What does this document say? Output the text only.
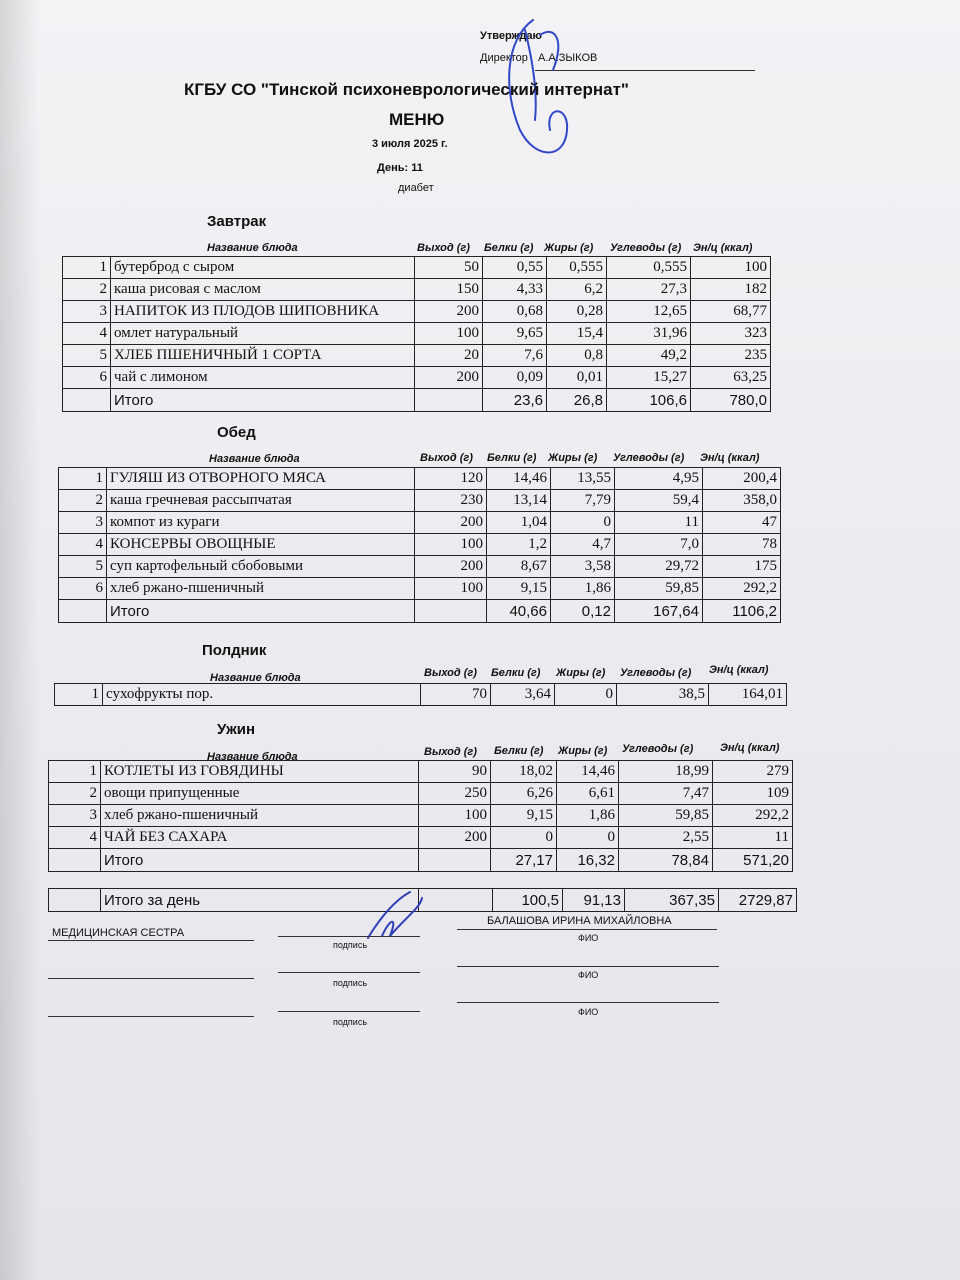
Утверждаю
Директор А.А.ЗЫКОВ
КГБУ СО "Тинской психоневрологический интернат"
МЕНЮ
3 июля 2025 г.
День: 11
диабет
Завтрак
Название блюда	Выход (г) Белки (г) Жиры (г) Углеводы (г) Эн/ц (ккал)
1	бутерброд с сыром	50	0,55	0,555	0,555	100
2	каша рисовая с маслом	150	4,33	6,2	27,3	182
3	НАПИТОК ИЗ ПЛОДОВ ШИПОВНИКА	200	0,68	0,28	12,65	68,77
4	омлет натуральный	100	9,65	15,4	31,96	323
5	ХЛЕБ ПШЕНИЧНЫЙ 1 СОРТА	20	7,6	0,8	49,2	235
6	чай с лимоном	200	0,09	0,01	15,27	63,25
	Итого		23,6	26,8	106,6	780,0
Обед
Название блюда	Выход (г) Белки (г) Жиры (г) Углеводы (г) Эн/ц (ккал)
1	ГУЛЯШ ИЗ ОТВОРНОГО МЯСА	120	14,46	13,55	4,95	200,4
2	каша гречневая рассыпчатая	230	13,14	7,79	59,4	358,0
3	компот из кураги	200	1,04	0	11	47
4	КОНСЕРВЫ ОВОЩНЫЕ	100	1,2	4,7	7,0	78
5	суп картофельный сбобовыми	200	8,67	3,58	29,72	175
6	хлеб ржано-пшеничный	100	9,15	1,86	59,85	292,2
	Итого		40,66	0,12	167,64	1106,2
Полдник
Название блюда	Выход (г) Белки (г) Жиры (г) Углеводы (г) Эн/ц (ккал)
1	сухофрукты пор.	70	3,64	0	38,5	164,01
Ужин
Название блюда	Выход (г) Белки (г) Жиры (г) Углеводы (г) Эн/ц (ккал)
1	КОТЛЕТЫ ИЗ ГОВЯДИНЫ	90	18,02	14,46	18,99	279
2	овощи припущенные	250	6,26	6,61	7,47	109
3	хлеб ржано-пшеничный	100	9,15	1,86	59,85	292,2
4	ЧАЙ БЕЗ САХАРА	200	0	0	2,55	11
	Итого		27,17	16,32	78,84	571,20
	Итого за день		100,5	91,13	367,35	2729,87
МЕДИЦИНСКАЯ СЕСТРА
подпись
БАЛАШОВА ИРИНА МИХАЙЛОВНА
ФИО
подпись
ФИО
подпись
ФИО
